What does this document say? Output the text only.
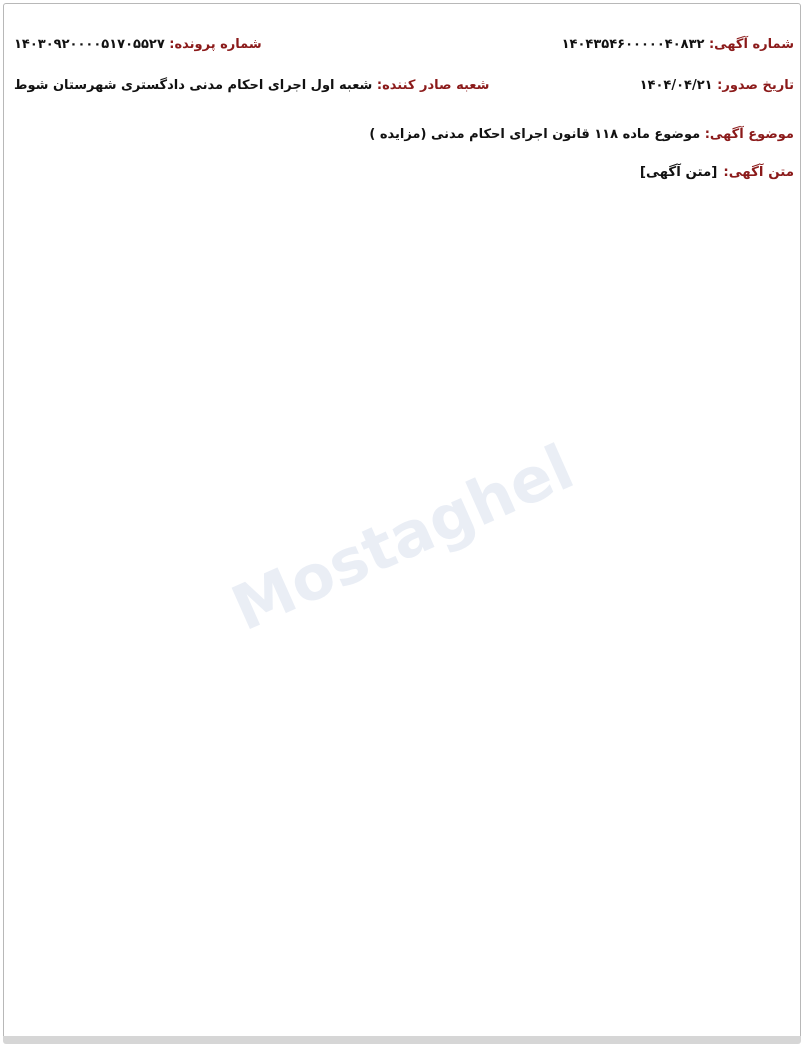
شماره آگهی: ۱۴۰۴۳۵۴۶۰۰۰۰۰۴۰۸۳۲
شماره پرونده: ۱۴۰۳۰۹۲۰۰۰۰۵۱۷۰۵۵۲۷
تاریخ صدور: ۱۴۰۴/۰۴/۲۱
شعبه صادر کننده: شعبه اول اجرای احکام مدنی دادگستری شهرستان شوط
موضوع آگهی: موضوع ماده ۱۱۸ قانون اجرای احکام مدنی (مزایده )
متن آگهی:[متن آگهی]
